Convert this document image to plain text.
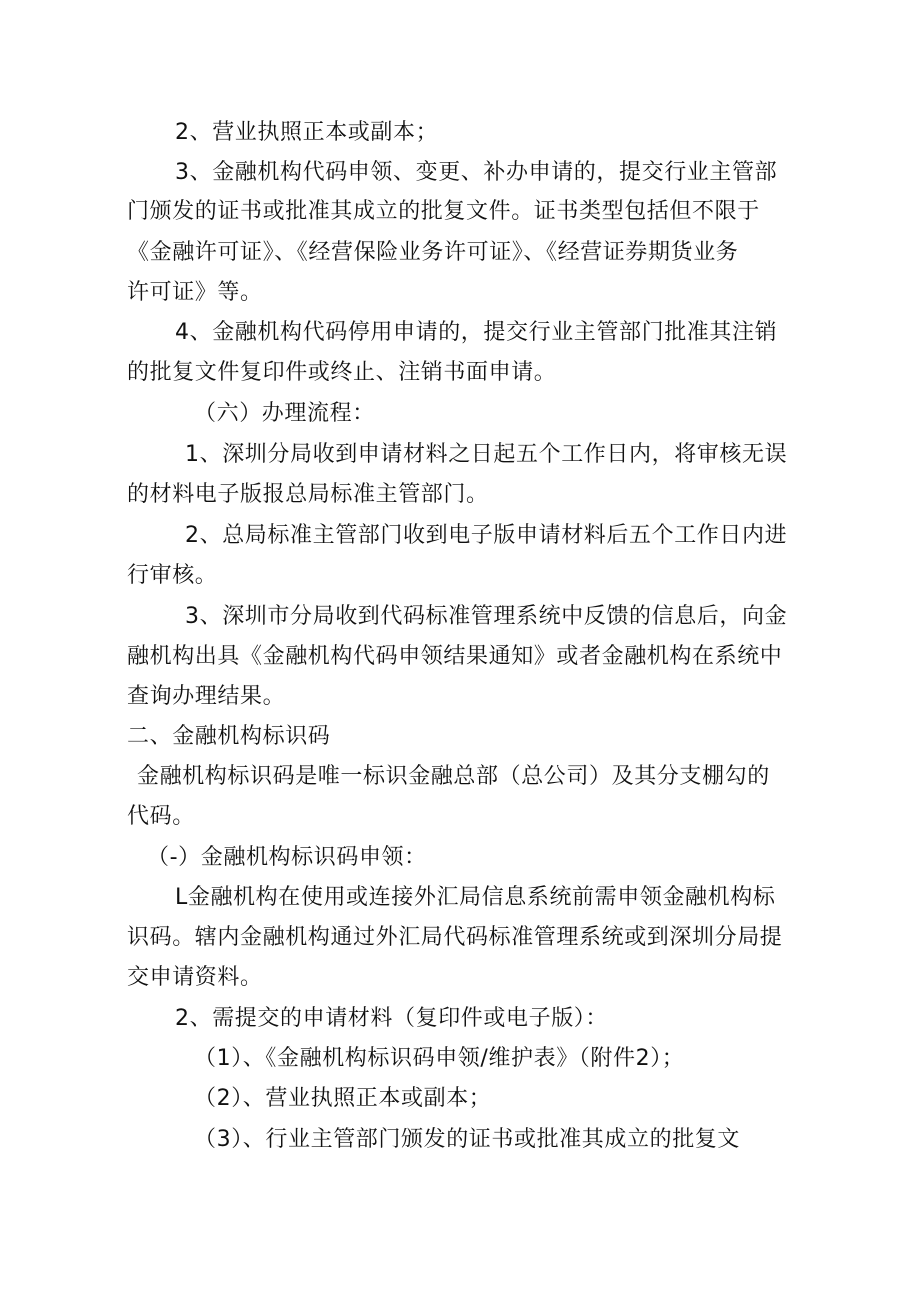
2、营业执照正本或副本；
3、金融机构代码申领、变更、补办申请的，提交行业主管部
门颁发的证书或批准其成立的批复文件。证书类型包括但不限于
《金融许可证》、《经营保险业务许可证》、《经营证券期货业务
许可证》等。
4、金融机构代码停用申请的，提交行业主管部门批准其注销
的批复文件复印件或终止、注销书面申请。
（六）办理流程：
1、深圳分局收到申请材料之日起五个工作日内，将审核无误
的材料电子版报总局标准主管部门。
2、总局标准主管部门收到电子版申请材料后五个工作日内进
行审核。
3、深圳市分局收到代码标准管理系统中反馈的信息后，向金
融机构出具《金融机构代码申领结果通知》或者金融机构在系统中
查询办理结果。
二、金融机构标识码
金融机构标识码是唯一标识金融总部（总公司）及其分支棚勾的
代码。
（-）金融机构标识码申领：
L金融机构在使用或连接外汇局信息系统前需申领金融机构标
识码。辖内金融机构通过外汇局代码标准管理系统或到深圳分局提
交申请资料。
2、需提交的申请材料（复印件或电子版）：
（1）、《金融机构标识码申领/维护表》（附件2）；
（2）、营业执照正本或副本；
（3）、行业主管部门颁发的证书或批准其成立的批复文
